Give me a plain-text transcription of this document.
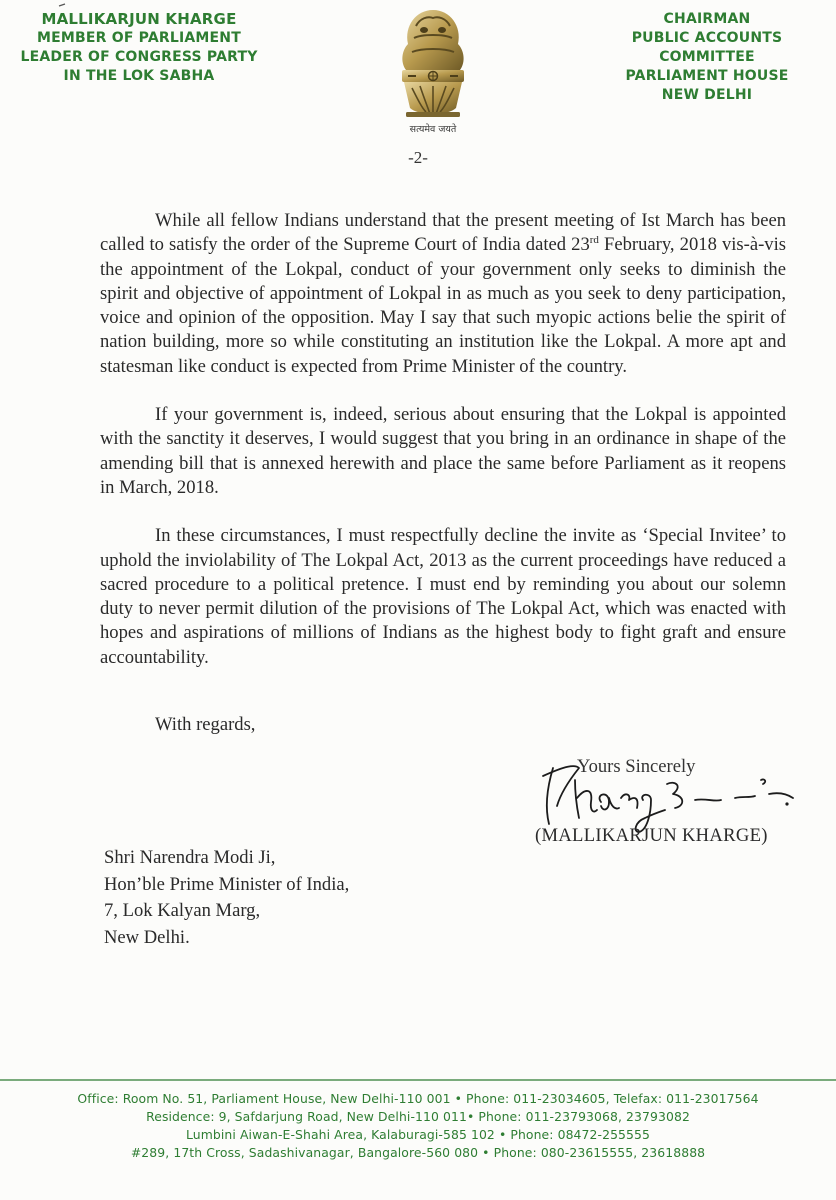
MALLIKARJUN KHARGE
MEMBER OF PARLIAMENT
LEADER OF CONGRESS PARTY
IN THE LOK SABHA
सत्यमेव जयते
CHAIRMAN
PUBLIC ACCOUNTS COMMITTEE
PARLIAMENT HOUSE
NEW DELHI
-2-

While all fellow Indians understand that the present meeting of Ist March has been called to satisfy the order of the Supreme Court of India dated 23rd February, 2018 vis-à-vis the appointment of the Lokpal, conduct of your government only seeks to diminish the spirit and objective of appointment of Lokpal in as much as you seek to deny participation, voice and opinion of the opposition. May I say that such myopic actions belie the spirit of nation building, more so while constituting an institution like the Lokpal. A more apt and statesman like conduct is expected from Prime Minister of the country.

If your government is, indeed, serious about ensuring that the Lokpal is appointed with the sanctity it deserves, I would suggest that you bring in an ordinance in shape of the amending bill that is annexed herewith and place the same before Parliament as it reopens in March, 2018.

In these circumstances, I must respectfully decline the invite as ‘Special Invitee’ to uphold the inviolability of The Lokpal Act, 2013 as the current proceedings have reduced a sacred procedure to a political pretence. I must end by reminding you about our solemn duty to never permit dilution of the provisions of The Lokpal Act, which was enacted with hopes and aspirations of millions of Indians as the highest body to fight graft and ensure accountability.

With regards,
Yours Sincerely
(MALLIKARJUN KHARGE)
Shri Narendra Modi Ji,
Hon’ble Prime Minister of India,
7, Lok Kalyan Marg,
New Delhi.
Office: Room No. 51, Parliament House, New Delhi-110 001 • Phone: 011-23034605, Telefax: 011-23017564
Residence: 9, Safdarjung Road, New Delhi-110 011• Phone: 011-23793068, 23793082
Lumbini Aiwan-E-Shahi Area, Kalaburagi-585 102 • Phone: 08472-255555
#289, 17th Cross, Sadashivanagar, Bangalore-560 080 • Phone: 080-23615555, 23618888
